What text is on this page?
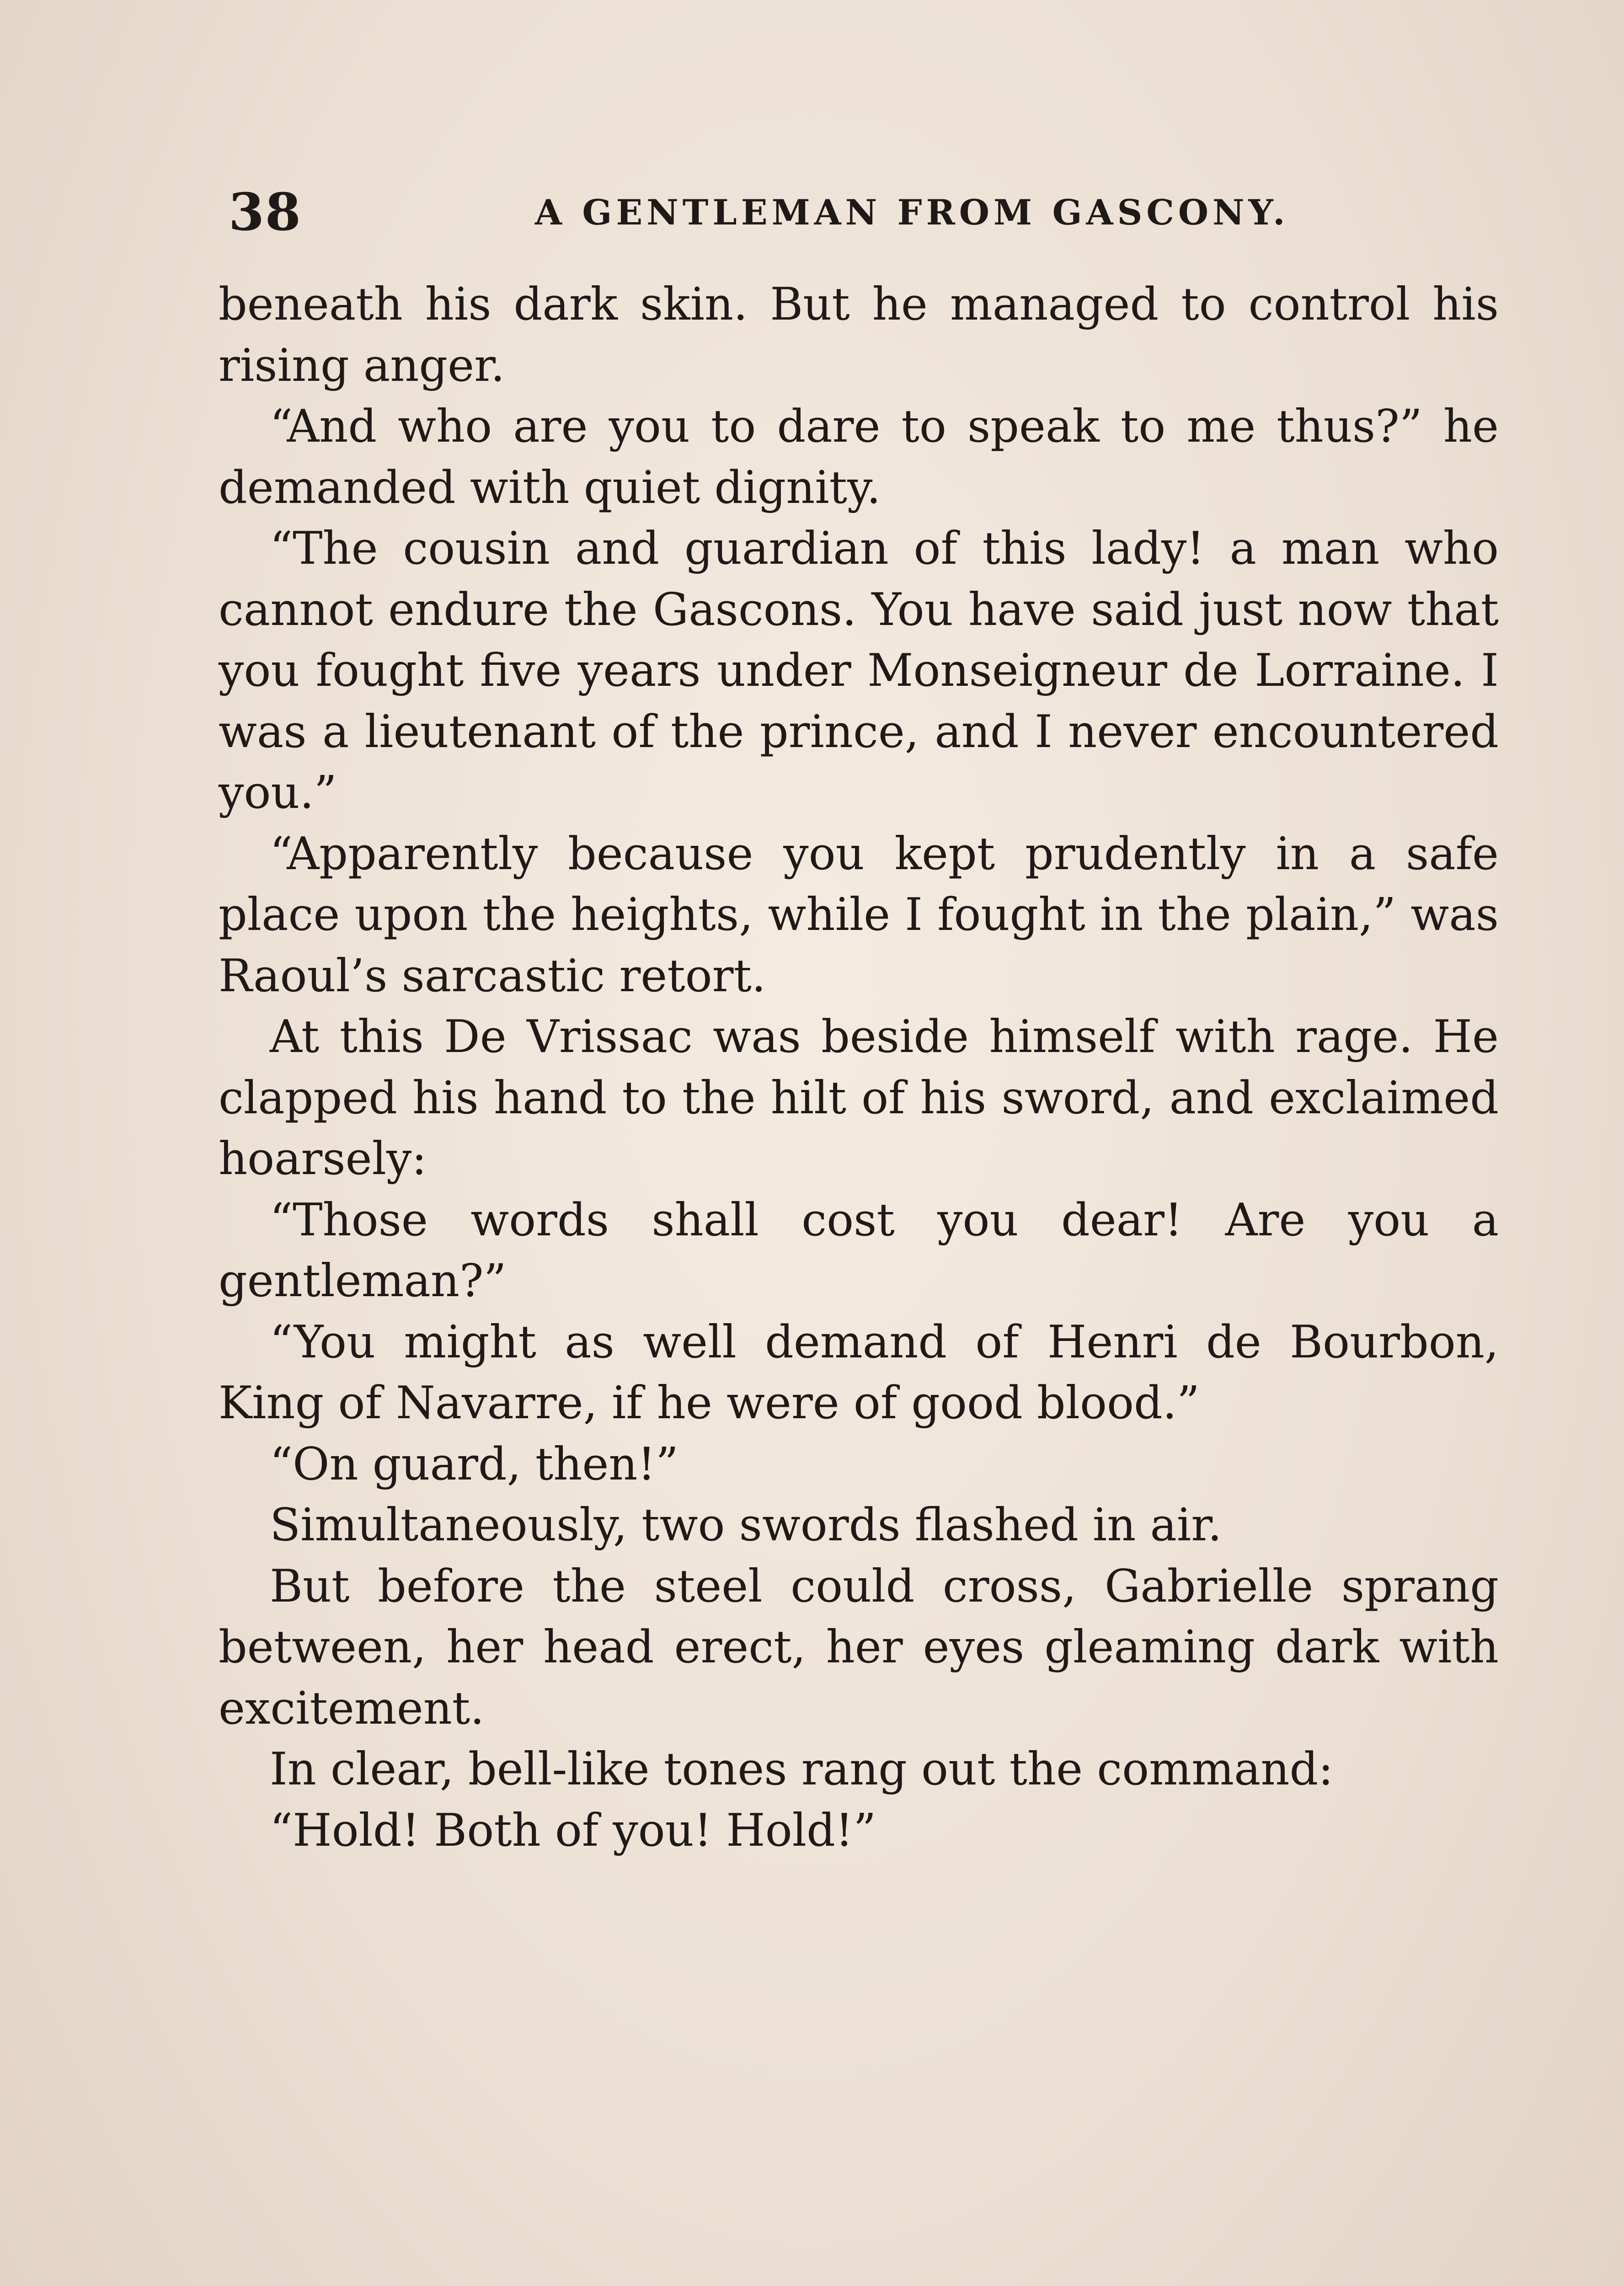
38	A GENTLEMAN FROM GASCONY.

beneath his dark skin. But he managed to control his rising anger.

“And who are you to dare to speak to me thus?” he demanded with quiet dignity.

“The cousin and guardian of this lady! a man who cannot endure the Gascons. You have said just now that you fought five years under Monseigneur de Lorraine. I was a lieutenant of the prince, and I never encountered you.”

“Apparently because you kept prudently in a safe place upon the heights, while I fought in the plain,” was Raoul’s sarcastic retort.

At this De Vrissac was beside himself with rage. He clapped his hand to the hilt of his sword, and exclaimed hoarsely:

“Those words shall cost you dear! Are you a gentleman?”

“You might as well demand of Henri de Bourbon, King of Navarre, if he were of good blood.”

“On guard, then!”

Simultaneously, two swords flashed in air.

But before the steel could cross, Gabrielle sprang between, her head erect, her eyes gleaming dark with excitement.

In clear, bell-like tones rang out the command:

“Hold! Both of you! Hold!”
